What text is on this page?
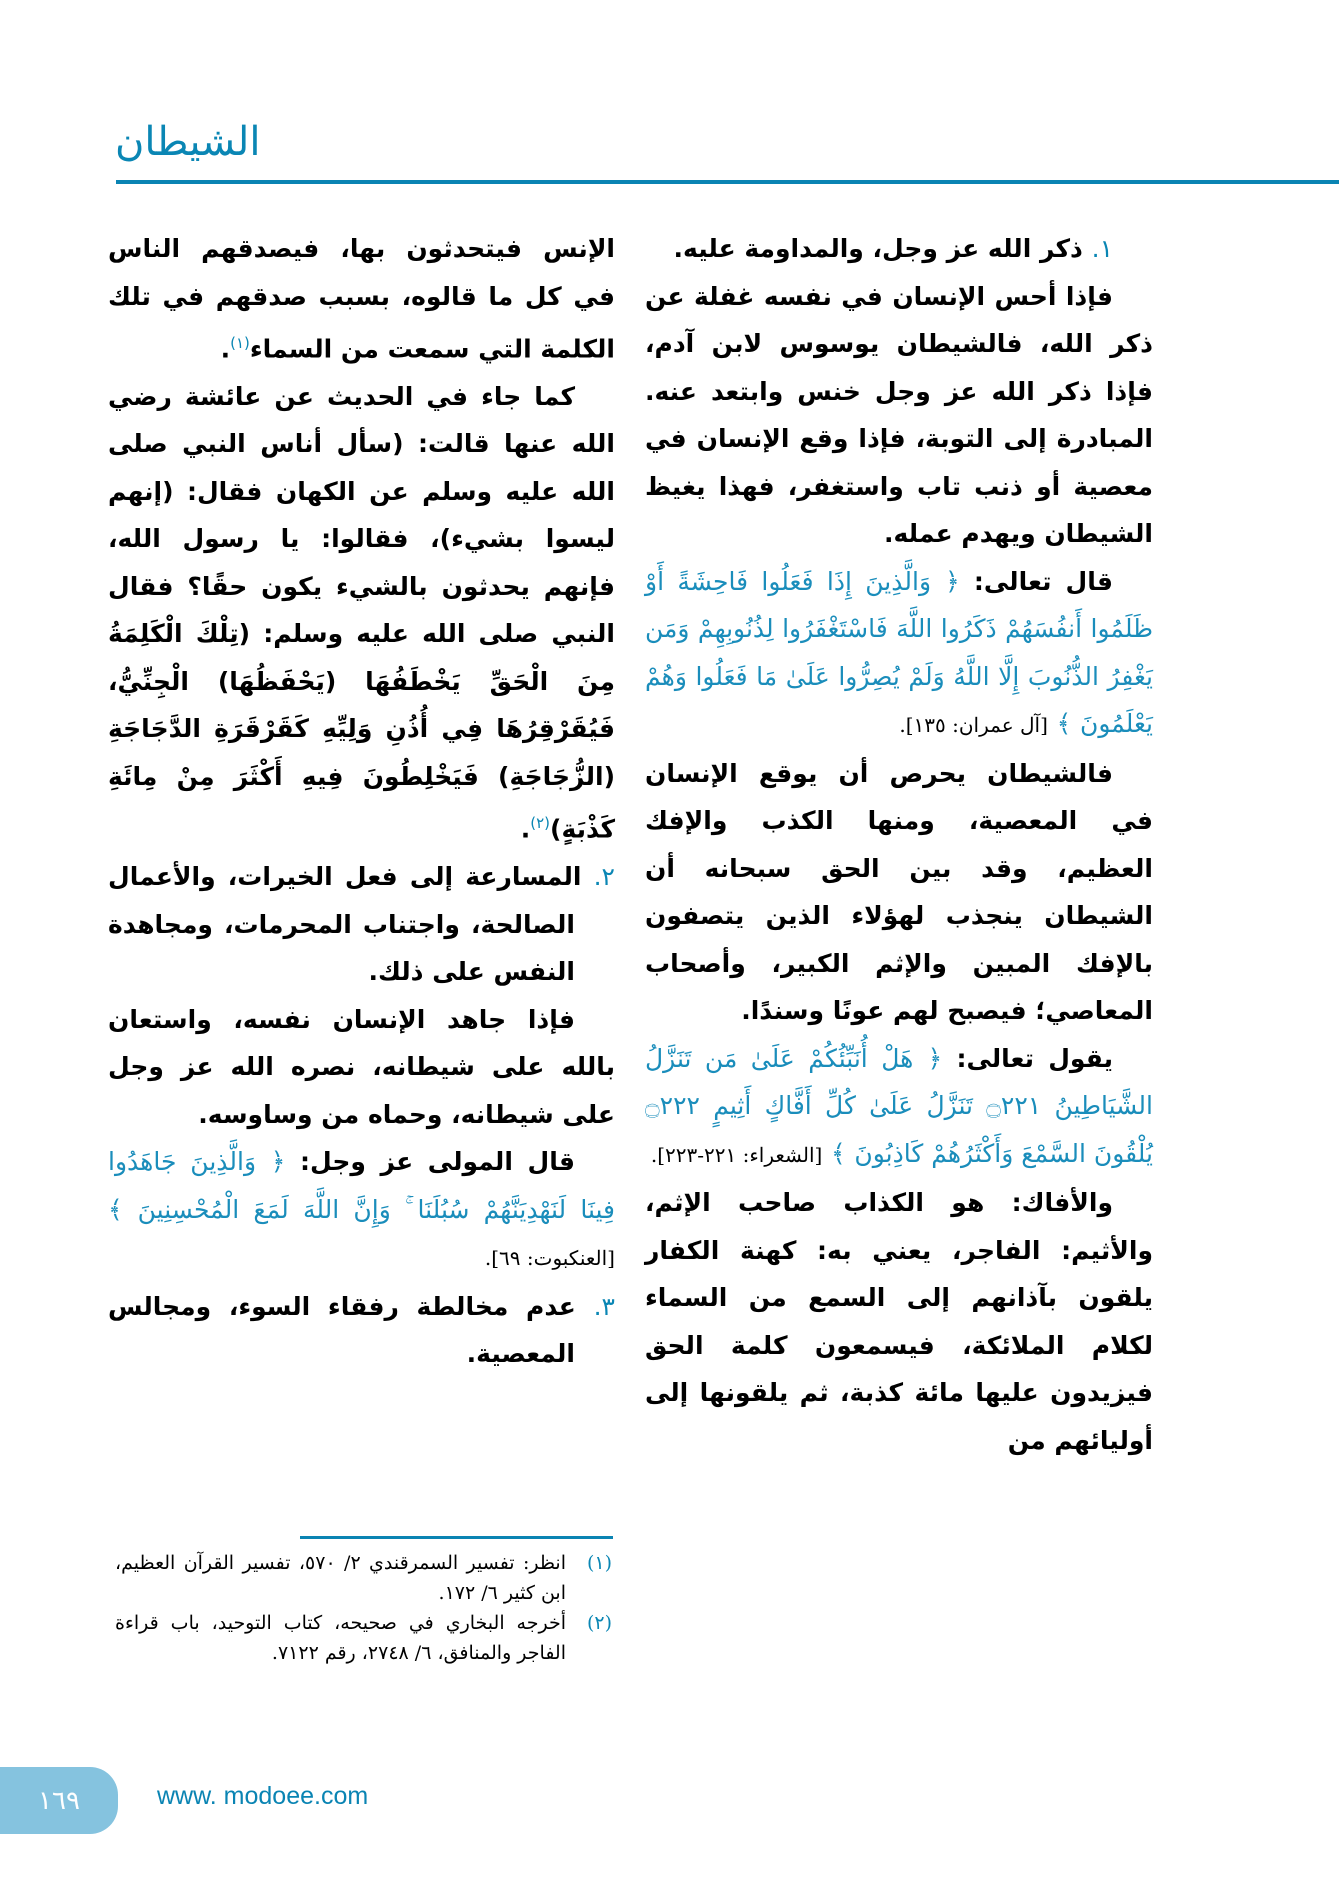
الشيطان

١. ذكر الله عز وجل، والمداومة عليه.

فإذا أحس الإنسان في نفسه غفلة عن ذكر الله، فالشيطان يوسوس لابن آدم، فإذا ذكر الله عز وجل خنس وابتعد عنه. المبادرة إلى التوبة، فإذا وقع الإنسان في معصية أو ذنب تاب واستغفر، فهذا يغيظ الشيطان ويهدم عمله.

قال تعالى: ﴿ وَالَّذِينَ إِذَا فَعَلُوا فَاحِشَةً أَوْ ظَلَمُوا أَنفُسَهُمْ ذَكَرُوا اللَّهَ فَاسْتَغْفَرُوا لِذُنُوبِهِمْ وَمَن يَغْفِرُ الذُّنُوبَ إِلَّا اللَّهُ وَلَمْ يُصِرُّوا عَلَىٰ مَا فَعَلُوا وَهُمْ يَعْلَمُونَ ﴾ [آل عمران: ١٣٥].

فالشيطان يحرص أن يوقع الإنسان في المعصية، ومنها الكذب والإفك العظيم، وقد بين الحق سبحانه أن الشيطان ينجذب لهؤلاء الذين يتصفون بالإفك المبين والإثم الكبير، وأصحاب المعاصي؛ فيصبح لهم عونًا وسندًا.

يقول تعالى: ﴿ هَلْ أُنَبِّئُكُمْ عَلَىٰ مَن تَنَزَّلُ الشَّيَاطِينُ ۝٢٢١ تَنَزَّلُ عَلَىٰ كُلِّ أَفَّاكٍ أَثِيمٍ ۝٢٢٢ يُلْقُونَ السَّمْعَ وَأَكْثَرُهُمْ كَاذِبُونَ ﴾ [الشعراء: ٢٢١-٢٢٣].

والأفاك: هو الكذاب صاحب الإثم، والأثيم: الفاجر، يعني به: كهنة الكفار يلقون بآذانهم إلى السمع من السماء لكلام الملائكة، فيسمعون كلمة الحق فيزيدون عليها مائة كذبة، ثم يلقونها إلى أوليائهم من

الإنس فيتحدثون بها، فيصدقهم الناس في كل ما قالوه، بسبب صدقهم في تلك الكلمة التي سمعت من السماء$^{(١)}$.

كما جاء في الحديث عن عائشة رضي الله عنها قالت: (سأل أناس النبي صلى الله عليه وسلم عن الكهان فقال: (إنهم ليسوا بشيء)، فقالوا: يا رسول الله، فإنهم يحدثون بالشيء يكون حقًا؟ فقال النبي صلى الله عليه وسلم: (تِلْكَ الْكَلِمَةُ مِنَ الْحَقِّ يَخْطَفُهَا (يَحْفَظُهَا) الْجِنِّيُّ، فَيُقَرْقِرُهَا فِي أُذُنِ وَلِيِّهِ كَقَرْقَرَةِ الدَّجَاجَةِ (الزُّجَاجَةِ) فَيَخْلِطُونَ فِيهِ أَكْثَرَ مِنْ مِائَةِ كَذْبَةٍ)$^{(٢)}$.

٢. المسارعة إلى فعل الخيرات، والأعمال الصالحة، واجتناب المحرمات، ومجاهدة النفس على ذلك.

فإذا جاهد الإنسان نفسه، واستعان بالله على شيطانه، نصره الله عز وجل على شيطانه، وحماه من وساوسه.

قال المولى عز وجل: ﴿ وَالَّذِينَ جَاهَدُوا فِينَا لَنَهْدِيَنَّهُمْ سُبُلَنَا ۚ وَإِنَّ اللَّهَ لَمَعَ الْمُحْسِنِينَ ﴾ [العنكبوت: ٦٩].

٣. عدم مخالطة رفقاء السوء، ومجالس المعصية.

(١)
انظر: تفسير السمرقندي ٢/ ٥٧٠، تفسير القرآن العظيم، ابن كثير ٦/ ١٧٢.
(٢)
أخرجه البخاري في صحيحه، كتاب التوحيد، باب قراءة الفاجر والمنافق، ٦/ ٢٧٤٨، رقم ٧١٢٢.
١٦٩	www. modoee.com
